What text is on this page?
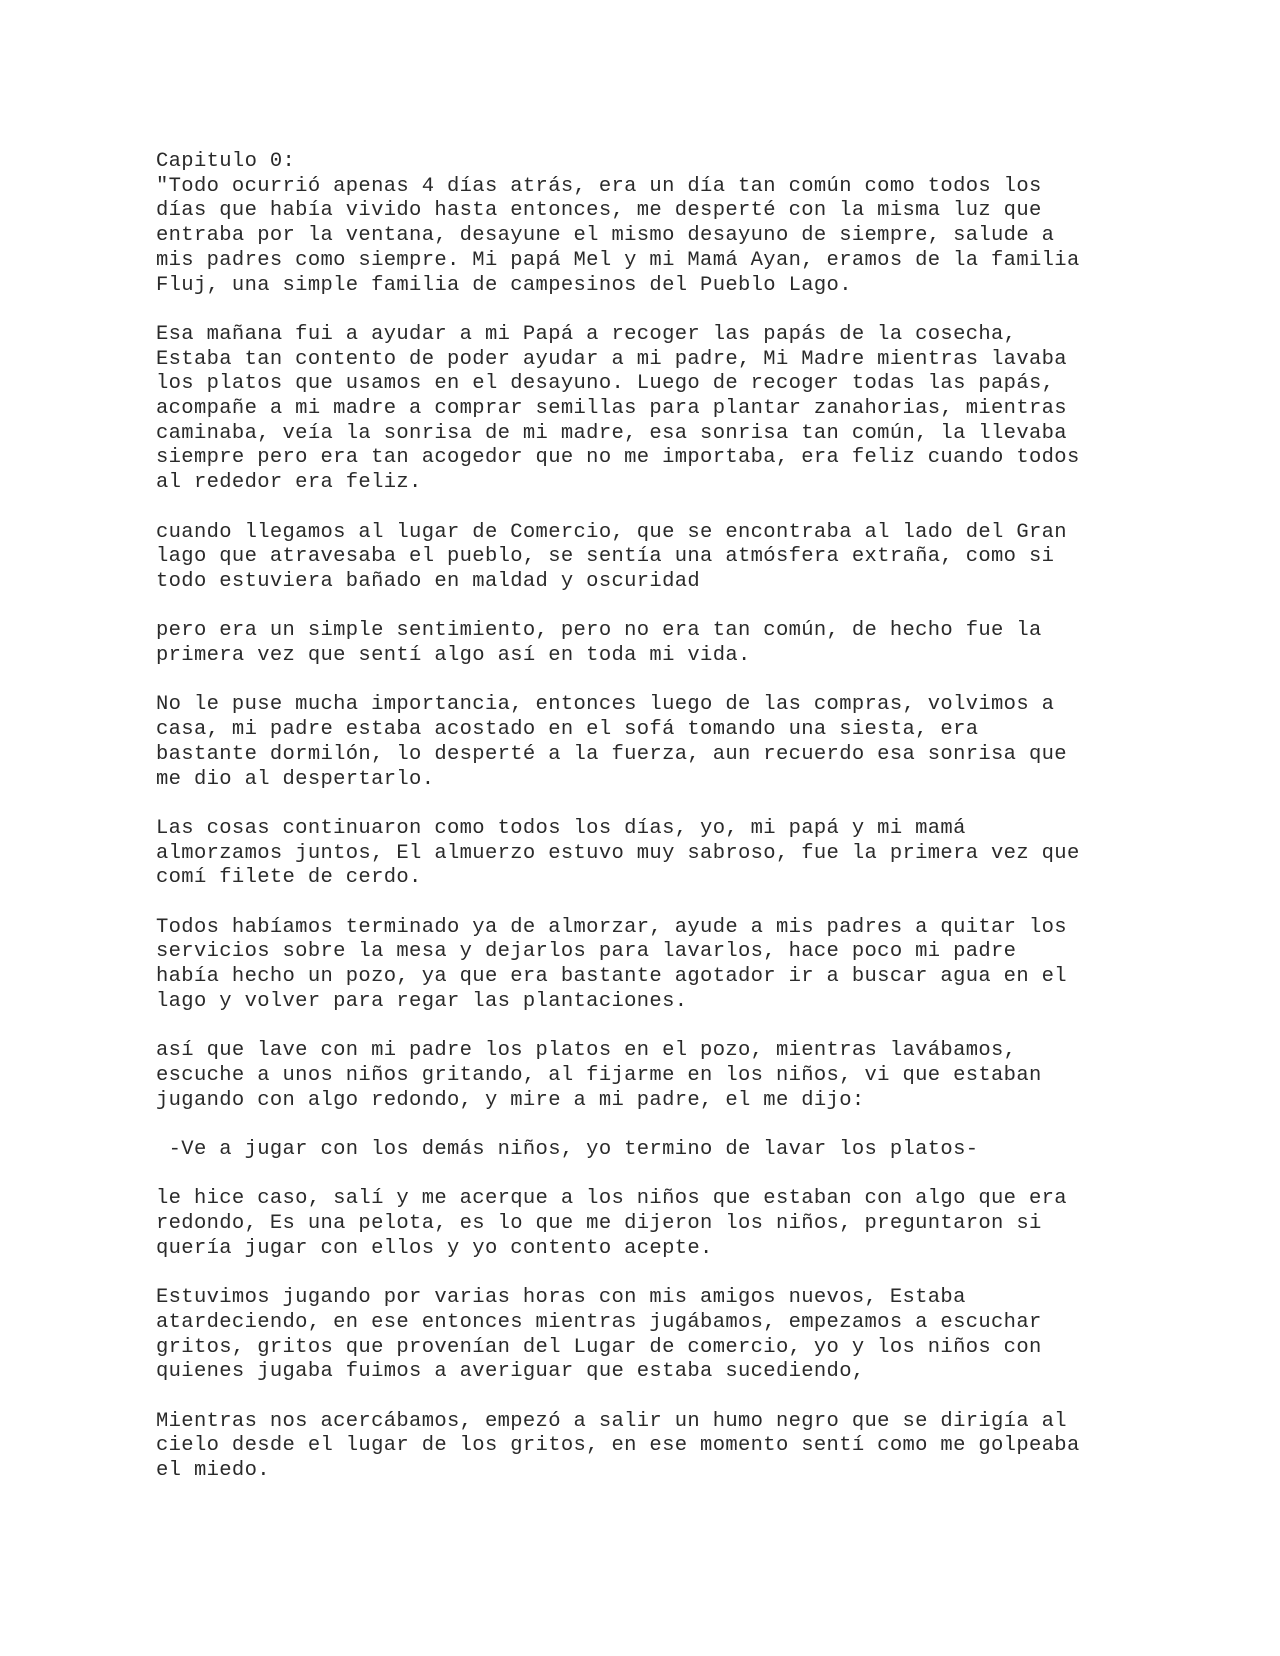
Capitulo 0:
"Todo ocurrió apenas 4 días atrás, era un día tan común como todos los
días que había vivido hasta entonces, me desperté con la misma luz que
entraba por la ventana, desayune el mismo desayuno de siempre, salude a
mis padres como siempre. Mi papá Mel y mi Mamá Ayan, eramos de la familia
Fluj, una simple familia de campesinos del Pueblo Lago.
Esa mañana fui a ayudar a mi Papá a recoger las papás de la cosecha,
Estaba tan contento de poder ayudar a mi padre, Mi Madre mientras lavaba
los platos que usamos en el desayuno. Luego de recoger todas las papás,
acompañe a mi madre a comprar semillas para plantar zanahorias, mientras
caminaba, veía la sonrisa de mi madre, esa sonrisa tan común, la llevaba
siempre pero era tan acogedor que no me importaba, era feliz cuando todos
al rededor era feliz.
cuando llegamos al lugar de Comercio, que se encontraba al lado del Gran
lago que atravesaba el pueblo, se sentía una atmósfera extraña, como si
todo estuviera bañado en maldad y oscuridad
pero era un simple sentimiento, pero no era tan común, de hecho fue la
primera vez que sentí algo así en toda mi vida.
No le puse mucha importancia, entonces luego de las compras, volvimos a
casa, mi padre estaba acostado en el sofá tomando una siesta, era
bastante dormilón, lo desperté a la fuerza, aun recuerdo esa sonrisa que
me dio al despertarlo.
Las cosas continuaron como todos los días, yo, mi papá y mi mamá
almorzamos juntos, El almuerzo estuvo muy sabroso, fue la primera vez que
comí filete de cerdo.
Todos habíamos terminado ya de almorzar, ayude a mis padres a quitar los
servicios sobre la mesa y dejarlos para lavarlos, hace poco mi padre
había hecho un pozo, ya que era bastante agotador ir a buscar agua en el
lago y volver para regar las plantaciones.
así que lave con mi padre los platos en el pozo, mientras lavábamos,
escuche a unos niños gritando, al fijarme en los niños, vi que estaban
jugando con algo redondo, y mire a mi padre, el me dijo:
-Ve a jugar con los demás niños, yo termino de lavar los platos-
le hice caso, salí y me acerque a los niños que estaban con algo que era
redondo, Es una pelota, es lo que me dijeron los niños, preguntaron si
quería jugar con ellos y yo contento acepte.
Estuvimos jugando por varias horas con mis amigos nuevos, Estaba
atardeciendo, en ese entonces mientras jugábamos, empezamos a escuchar
gritos, gritos que provenían del Lugar de comercio, yo y los niños con
quienes jugaba fuimos a averiguar que estaba sucediendo,
Mientras nos acercábamos, empezó a salir un humo negro que se dirigía al
cielo desde el lugar de los gritos, en ese momento sentí como me golpeaba
el miedo.
